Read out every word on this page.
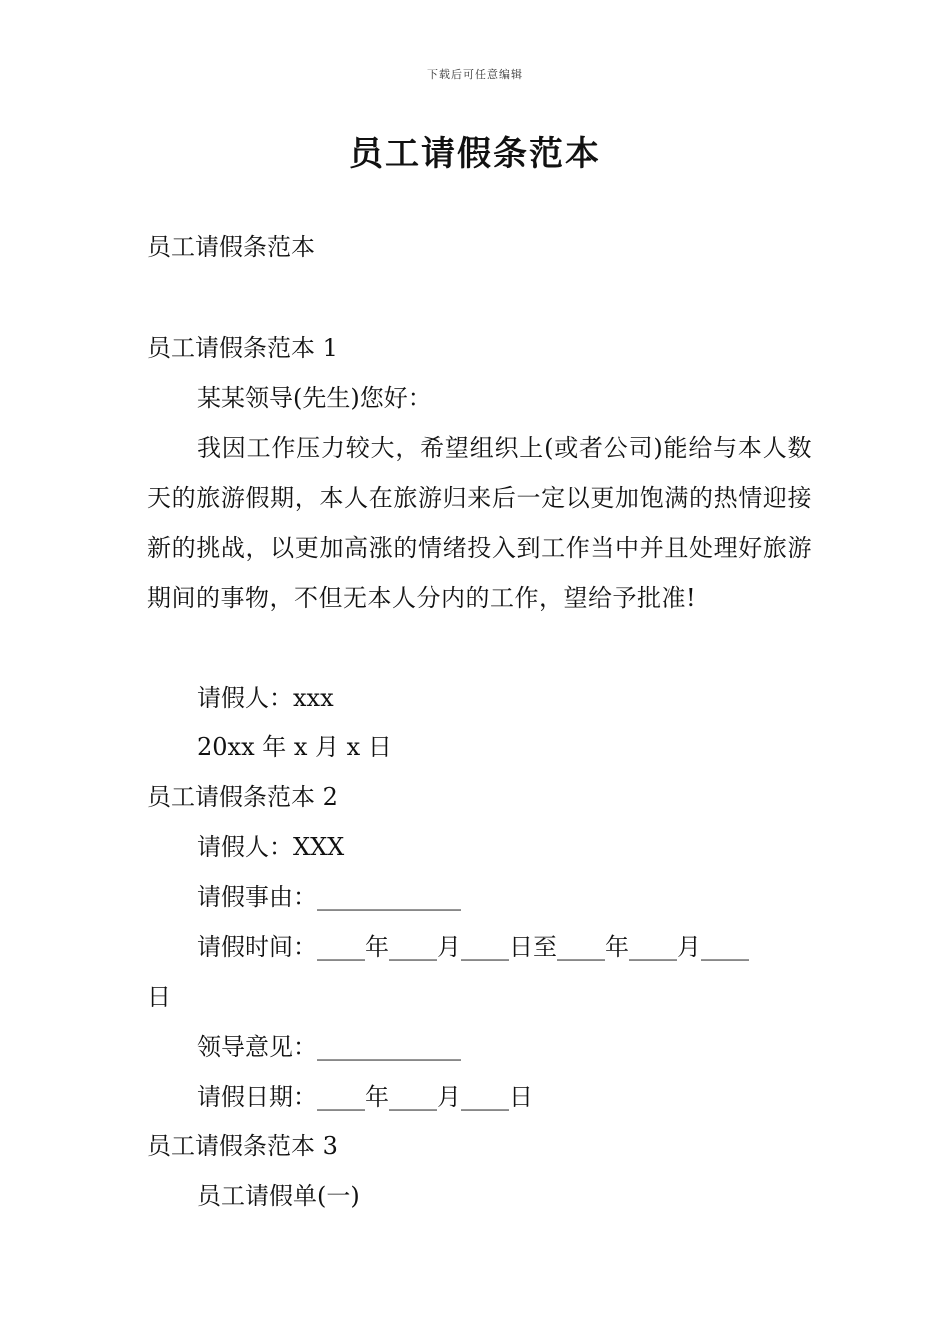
下载后可任意编辑
员工请假条范本
员工请假条范本
员工请假条范本 1
某某领导(先生)您好：
我因工作压力较大，希望组织上(或者公司)能给与本人数天的旅游假期，本人在旅游归来后一定以更加饱满的热情迎接新的挑战，以更加高涨的情绪投入到工作当中并且处理好旅游期间的事物，不但无本人分内的工作，望给予批准!
请假人：xxx
20xx 年 x 月 x 日
员工请假条范本 2
请假人：XXX
请假事由：____________
请假时间：____年____月____日至____年____月____
日
领导意见：____________
请假日期：____年____月____日
员工请假条范本 3
员工请假单(一)
